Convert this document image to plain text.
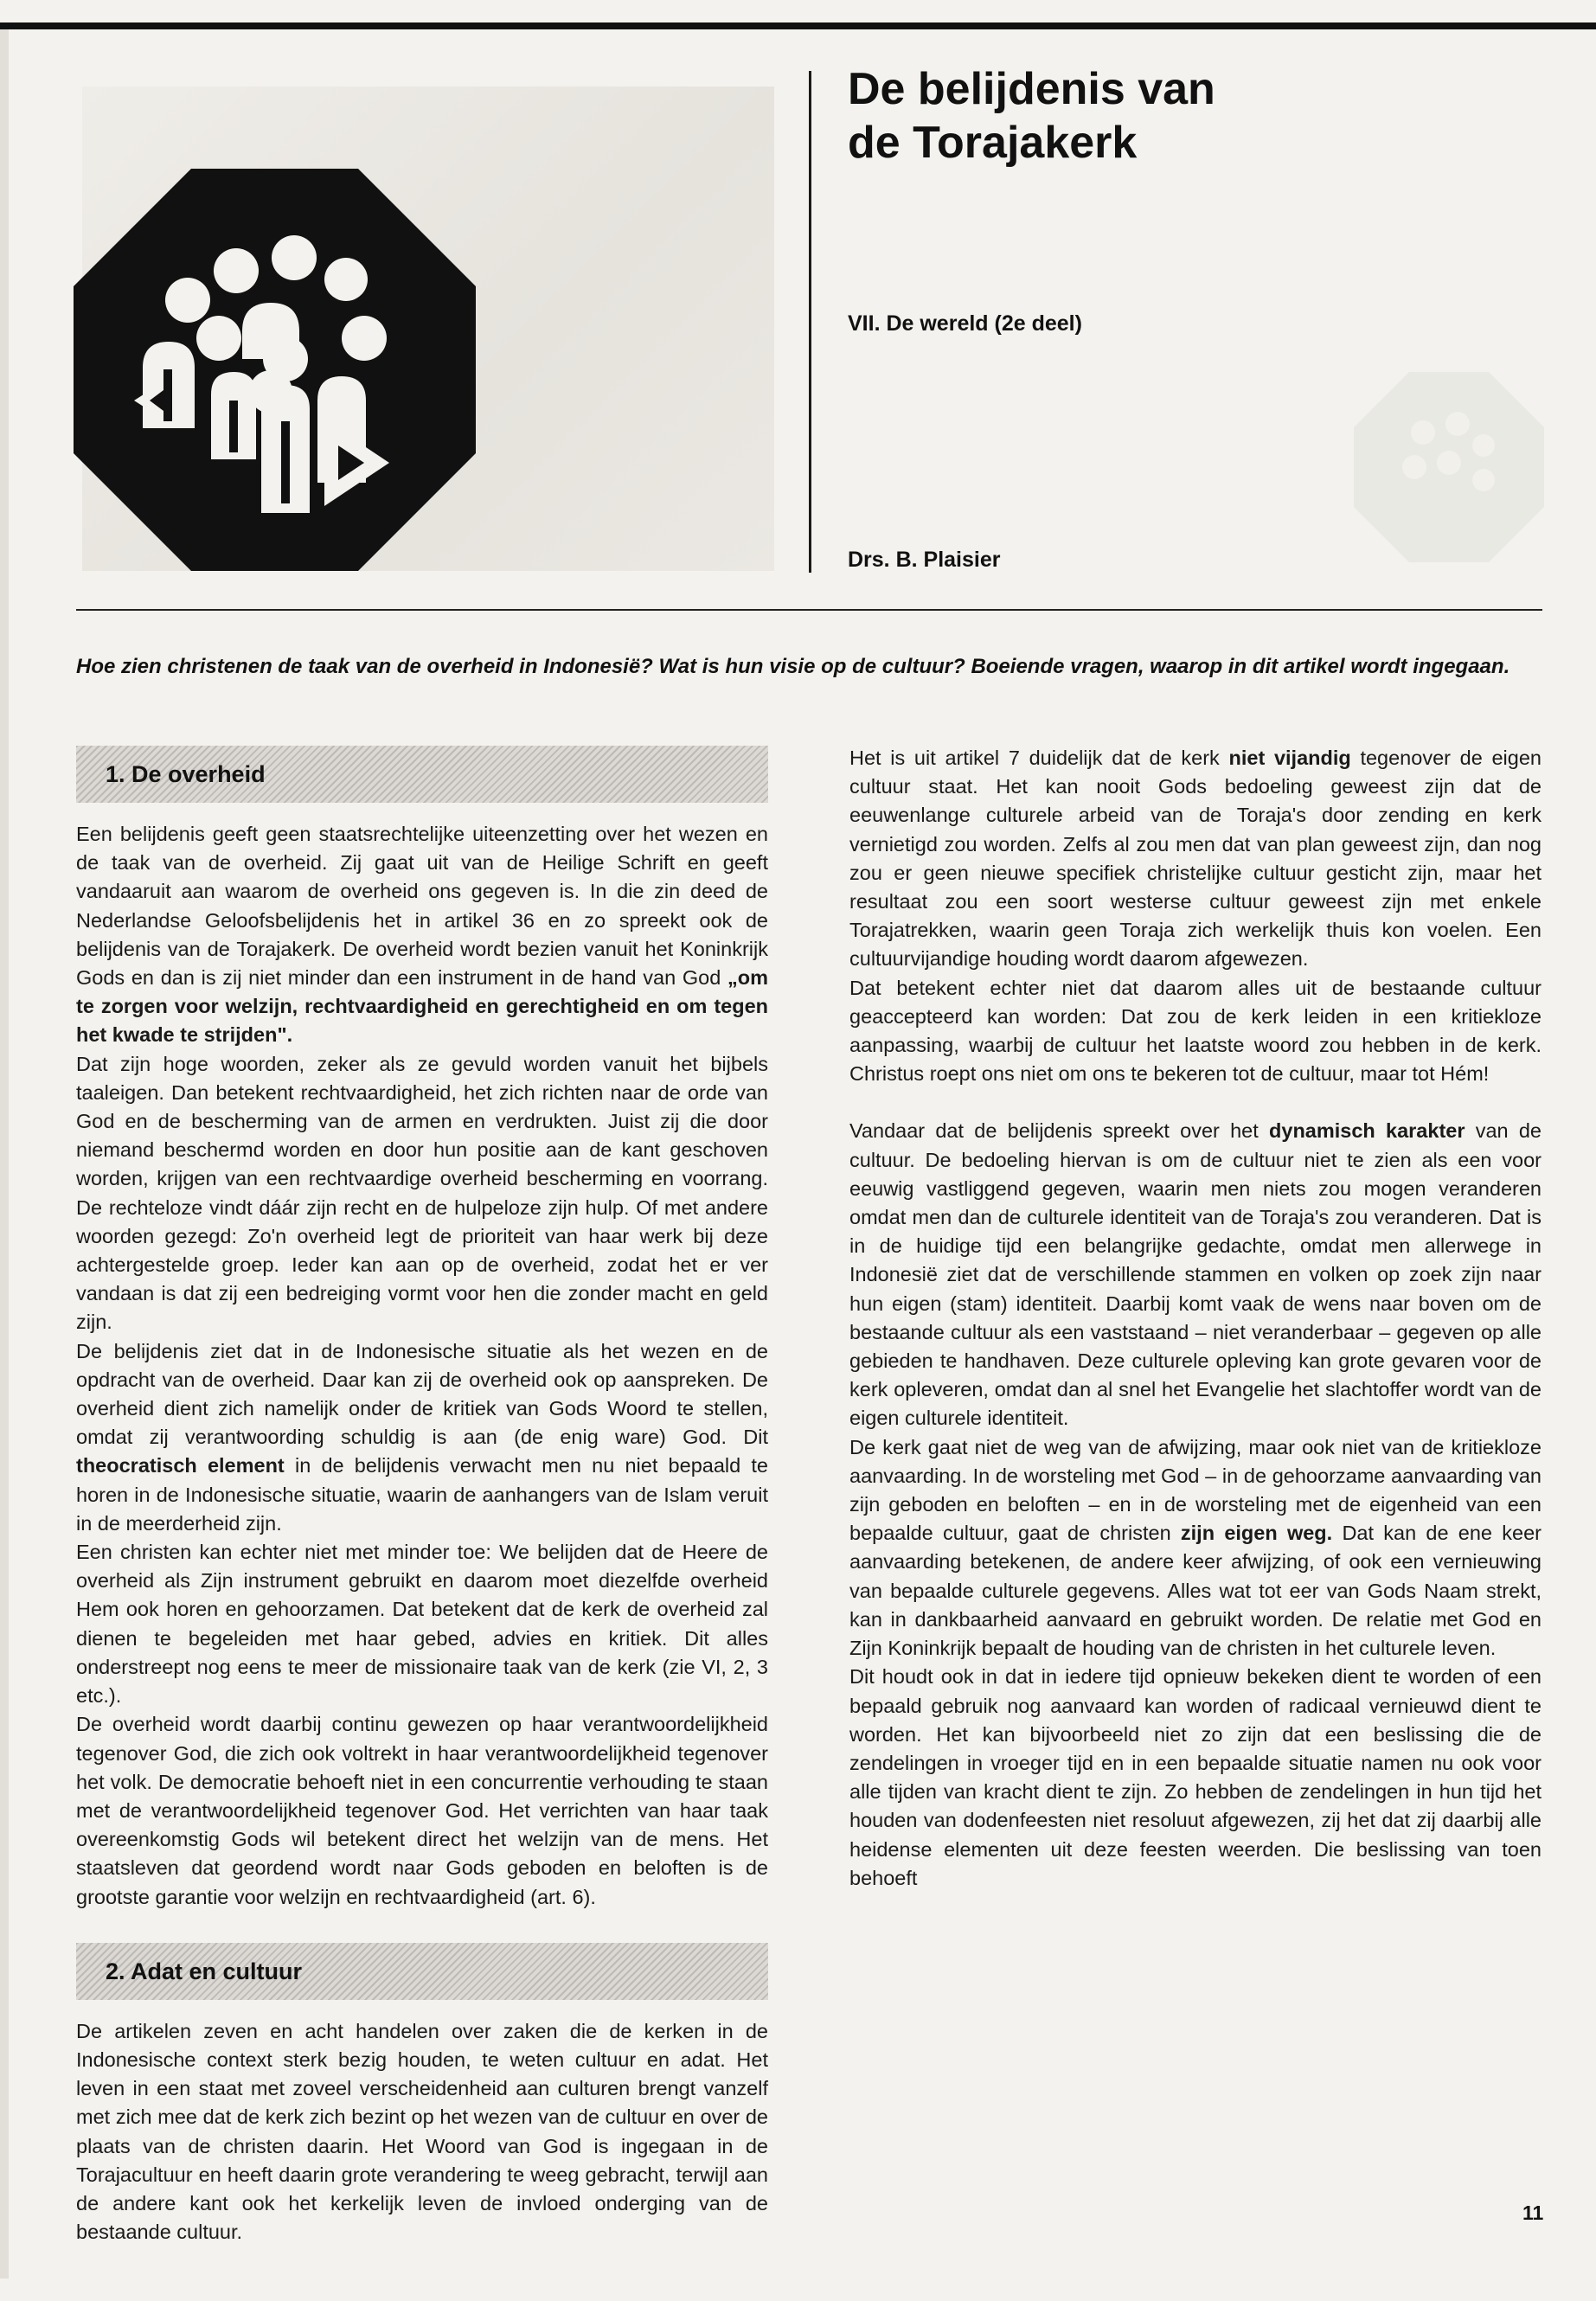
De belijdenis van
de Torajakerk
VII. De wereld (2e deel)
Drs. B. Plaisier

Hoe zien christenen de taak van de overheid in Indonesië? Wat is hun visie op de cultuur? Boeiende vragen, waarop in dit artikel wordt ingegaan.

1. De overheid

Een belijdenis geeft geen staatsrechtelijke uiteenzetting over het wezen en de taak van de overheid. Zij gaat uit van de Heilige Schrift en geeft vandaaruit aan waarom de overheid ons gegeven is. In die zin deed de Nederlandse Geloofsbelijdenis het in artikel 36 en zo spreekt ook de belijdenis van de Torajakerk. De overheid wordt bezien vanuit het Koninkrijk Gods en dan is zij niet minder dan een instrument in de hand van God „om te zorgen voor welzijn, rechtvaardigheid en gerechtigheid en om tegen het kwade te strijden".

Dat zijn hoge woorden, zeker als ze gevuld worden vanuit het bijbels taaleigen. Dan betekent rechtvaardigheid, het zich richten naar de orde van God en de bescherming van de armen en verdrukten. Juist zij die door niemand beschermd worden en door hun positie aan de kant geschoven worden, krijgen van een rechtvaardige overheid bescherming en voorrang. De rechteloze vindt dáár zijn recht en de hulpeloze zijn hulp. Of met andere woorden gezegd: Zo'n overheid legt de prioriteit van haar werk bij deze achtergestelde groep. Ieder kan aan op de overheid, zodat het er ver vandaan is dat zij een bedreiging vormt voor hen die zonder macht en geld zijn.

De belijdenis ziet dat in de Indonesische situatie als het wezen en de opdracht van de overheid. Daar kan zij de overheid ook op aanspreken. De overheid dient zich namelijk onder de kritiek van Gods Woord te stellen, omdat zij verantwoording schuldig is aan (de enig ware) God. Dit theocratisch element in de belijdenis verwacht men nu niet bepaald te horen in de Indonesische situatie, waarin de aanhangers van de Islam veruit in de meerderheid zijn.

Een christen kan echter niet met minder toe: We belijden dat de Heere de overheid als Zijn instrument gebruikt en daarom moet diezelfde overheid Hem ook horen en gehoorzamen. Dat betekent dat de kerk de overheid zal dienen te begeleiden met haar gebed, advies en kritiek. Dit alles onderstreept nog eens te meer de missionaire taak van de kerk (zie VI, 2, 3 etc.).

De overheid wordt daarbij continu gewezen op haar verantwoordelijkheid tegenover God, die zich ook voltrekt in haar verantwoordelijkheid tegenover het volk. De democratie behoeft niet in een concurrentie verhouding te staan met de verantwoordelijkheid tegenover God. Het verrichten van haar taak overeenkomstig Gods wil betekent direct het welzijn van de mens. Het staatsleven dat geordend wordt naar Gods geboden en beloften is de grootste garantie voor welzijn en rechtvaardigheid (art. 6).

2. Adat en cultuur

De artikelen zeven en acht handelen over zaken die de kerken in de Indonesische context sterk bezig houden, te weten cultuur en adat. Het leven in een staat met zoveel verscheidenheid aan culturen brengt vanzelf met zich mee dat de kerk zich bezint op het wezen van de cultuur en over de plaats van de christen daarin. Het Woord van God is ingegaan in de Torajacultuur en heeft daarin grote verandering te weeg gebracht, terwijl aan de andere kant ook het kerkelijk leven de invloed onderging van de bestaande cultuur.

Het is uit artikel 7 duidelijk dat de kerk niet vijandig tegenover de eigen cultuur staat. Het kan nooit Gods bedoeling geweest zijn dat de eeuwenlange culturele arbeid van de Toraja's door zending en kerk vernietigd zou worden. Zelfs al zou men dat van plan geweest zijn, dan nog zou er geen nieuwe specifiek christelijke cultuur gesticht zijn, maar het resultaat zou een soort westerse cultuur geweest zijn met enkele Torajatrekken, waarin geen Toraja zich werkelijk thuis kon voelen. Een cultuurvijandige houding wordt daarom afgewezen.

Dat betekent echter niet dat daarom alles uit de bestaande cultuur geaccepteerd kan worden: Dat zou de kerk leiden in een kritiekloze aanpassing, waarbij de cultuur het laatste woord zou hebben in de kerk. Christus roept ons niet om ons te bekeren tot de cultuur, maar tot Hém!

Vandaar dat de belijdenis spreekt over het dynamisch karakter van de cultuur. De bedoeling hiervan is om de cultuur niet te zien als een voor eeuwig vastliggend gegeven, waarin men niets zou mogen veranderen omdat men dan de culturele identiteit van de Toraja's zou veranderen. Dat is in de huidige tijd een belangrijke gedachte, omdat men allerwege in Indonesië ziet dat de verschillende stammen en volken op zoek zijn naar hun eigen (stam) identiteit. Daarbij komt vaak de wens naar boven om de bestaande cultuur als een vaststaand – niet veranderbaar – gegeven op alle gebieden te handhaven. Deze culturele opleving kan grote gevaren voor de kerk opleveren, omdat dan al snel het Evangelie het slachtoffer wordt van de eigen culturele identiteit.

De kerk gaat niet de weg van de afwijzing, maar ook niet van de kritiekloze aanvaarding. In de worsteling met God – in de gehoorzame aanvaarding van zijn geboden en beloften – en in de worsteling met de eigenheid van een bepaalde cultuur, gaat de christen zijn eigen weg. Dat kan de ene keer aanvaarding betekenen, de andere keer afwijzing, of ook een vernieuwing van bepaalde culturele gegevens. Alles wat tot eer van Gods Naam strekt, kan in dankbaarheid aanvaard en gebruikt worden. De relatie met God en Zijn Koninkrijk bepaalt de houding van de christen in het culturele leven.

Dit houdt ook in dat in iedere tijd opnieuw bekeken dient te worden of een bepaald gebruik nog aanvaard kan worden of radicaal vernieuwd dient te worden. Het kan bijvoorbeeld niet zo zijn dat een beslissing die de zendelingen in vroeger tijd en in een bepaalde situatie namen nu ook voor alle tijden van kracht dient te zijn. Zo hebben de zendelingen in hun tijd het houden van dodenfeesten niet resoluut afgewezen, zij het dat zij daarbij alle heidense elementen uit deze feesten weerden. Die beslissing van toen behoeft

11
